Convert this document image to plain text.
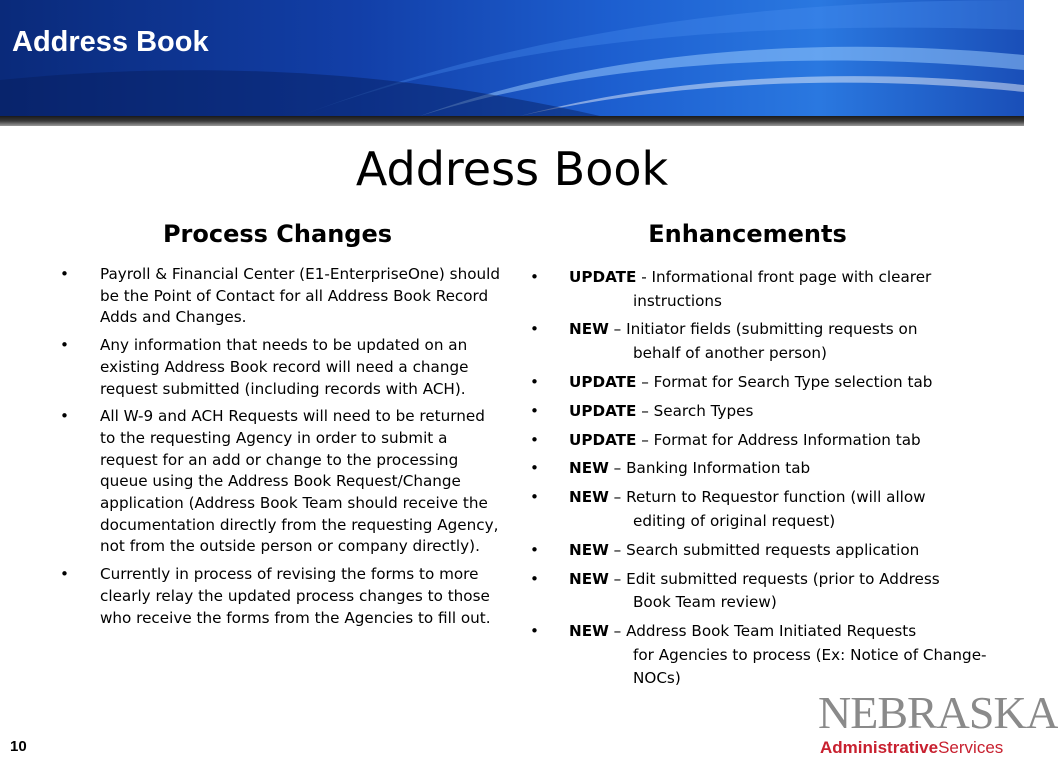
Address Book
Address Book
Process Changes	Enhancements
• Payroll & Financial Center (E1-EnterpriseOne) should be the Point of Contact for all Address Book Record Adds and Changes.
• Any information that needs to be updated on an existing Address Book record will need a change request submitted (including records with ACH).
• All W-9 and ACH Requests will need to be returned to the requesting Agency in order to submit a request for an add or change to the processing queue using the Address Book Request/Change application (Address Book Team should receive the documentation directly from the requesting Agency, not from the outside person or company directly).
• Currently in process of revising the forms to more clearly relay the updated process changes to those who receive the forms from the Agencies to fill out.
• UPDATE - Informational front page with clearer
instructions
• NEW – Initiator fields (submitting requests on
behalf of another person)
• UPDATE – Format for Search Type selection tab
• UPDATE – Search Types
• UPDATE – Format for Address Information tab
• NEW – Banking Information tab
• NEW – Return to Requestor function (will allow
editing of original request)
• NEW – Search submitted requests application
• NEW – Edit submitted requests (prior to Address
Book Team review)
• NEW – Address Book Team Initiated Requests
for Agencies to process (Ex: Notice of Change-NOCs)
10
NEBRASKA
AdministrativeServices
